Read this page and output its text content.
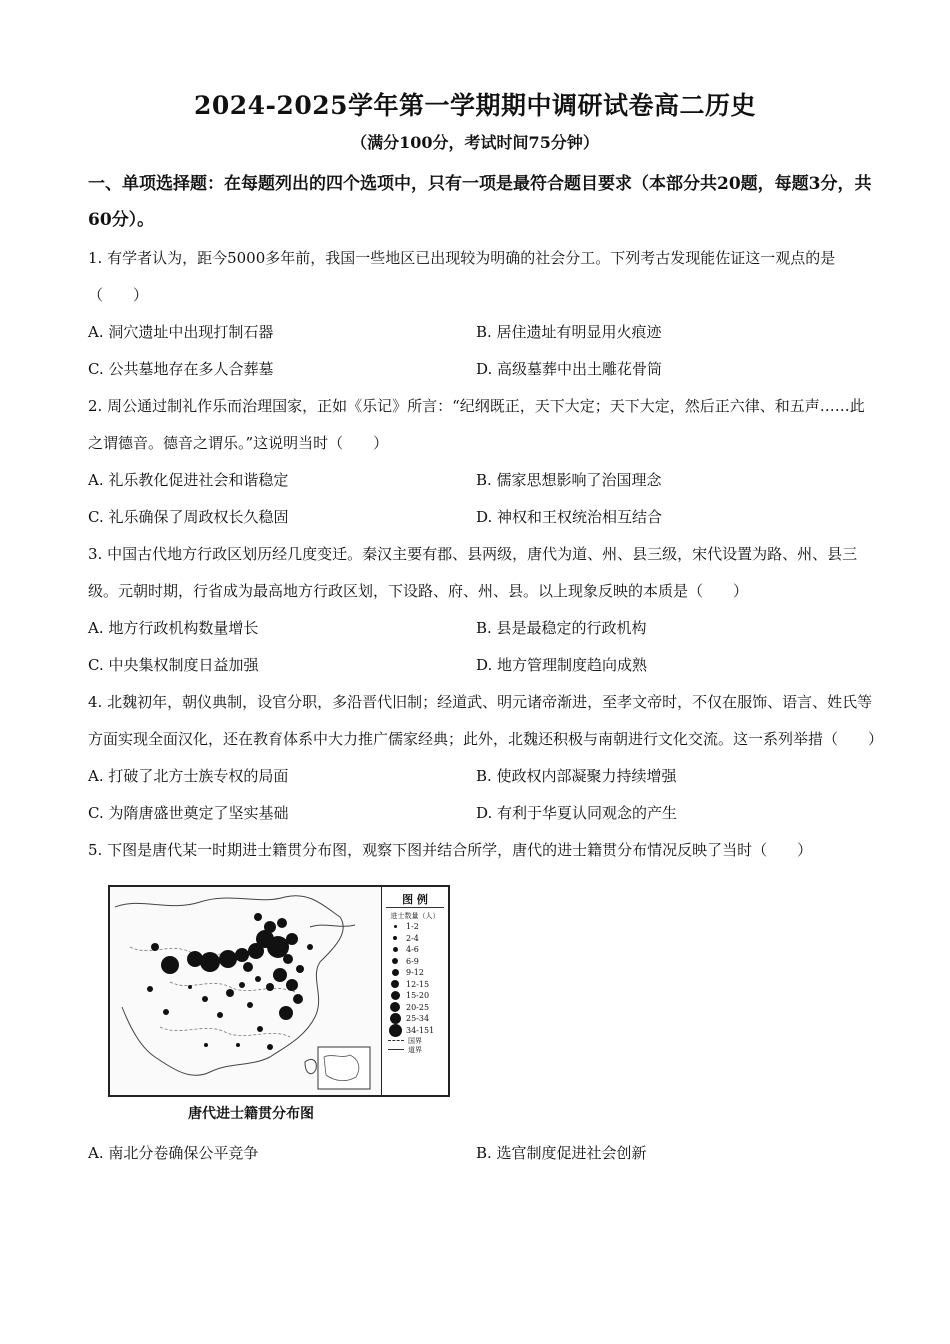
2024-2025学年第一学期期中调研试卷高二历史
（满分100分，考试时间75分钟）
一、单项选择题：在每题列出的四个选项中，只有一项是最符合题目要求（本部分共20题，每题3分，共60分）。

1. 有学者认为，距今5000多年前，我国一些地区已出现较为明确的社会分工。下列考古发现能佐证这一观点的是（　　）

A. 洞穴遗址中出现打制石器	B. 居住遗址有明显用火痕迹
C. 公共墓地存在多人合葬墓	D. 高级墓葬中出土雕花骨筒

2. 周公通过制礼作乐而治理国家，正如《乐记》所言：“纪纲既正，天下大定；天下大定，然后正六律、和五声……此之谓德音。德音之谓乐。”这说明当时（　　）

A. 礼乐教化促进社会和谐稳定	B. 儒家思想影响了治国理念
C. 礼乐确保了周政权长久稳固	D. 神权和王权统治相互结合

3. 中国古代地方行政区划历经几度变迁。秦汉主要有郡、县两级，唐代为道、州、县三级，宋代设置为路、州、县三级。元朝时期，行省成为最高地方行政区划，下设路、府、州、县。以上现象反映的本质是（　　）

A. 地方行政机构数量增长	B. 县是最稳定的行政机构
C. 中央集权制度日益加强	D. 地方管理制度趋向成熟

4. 北魏初年，朝仪典制，设官分职，多沿晋代旧制；经道武、明元诸帝渐进，至孝文帝时，不仅在服饰、语言、姓氏等方面实现全面汉化，还在教育体系中大力推广儒家经典；此外，北魏还积极与南朝进行文化交流。这一系列举措（　　）

A. 打破了北方士族专权的局面	B. 使政权内部凝聚力持续增强
C. 为隋唐盛世奠定了坚实基础	D. 有利于华夏认同观念的产生

5. 下图是唐代某一时期进士籍贯分布图，观察下图并结合所学，唐代的进士籍贯分布情况反映了当时（　　）

图 例
进士数量（人）
1-2
2-4
4-6
6-9
9-12
12-15
15-20
20-25
25-34
34-151
国界
道界
唐代进士籍贯分布图
A. 南北分卷确保公平竞争	B. 选官制度促进社会创新
